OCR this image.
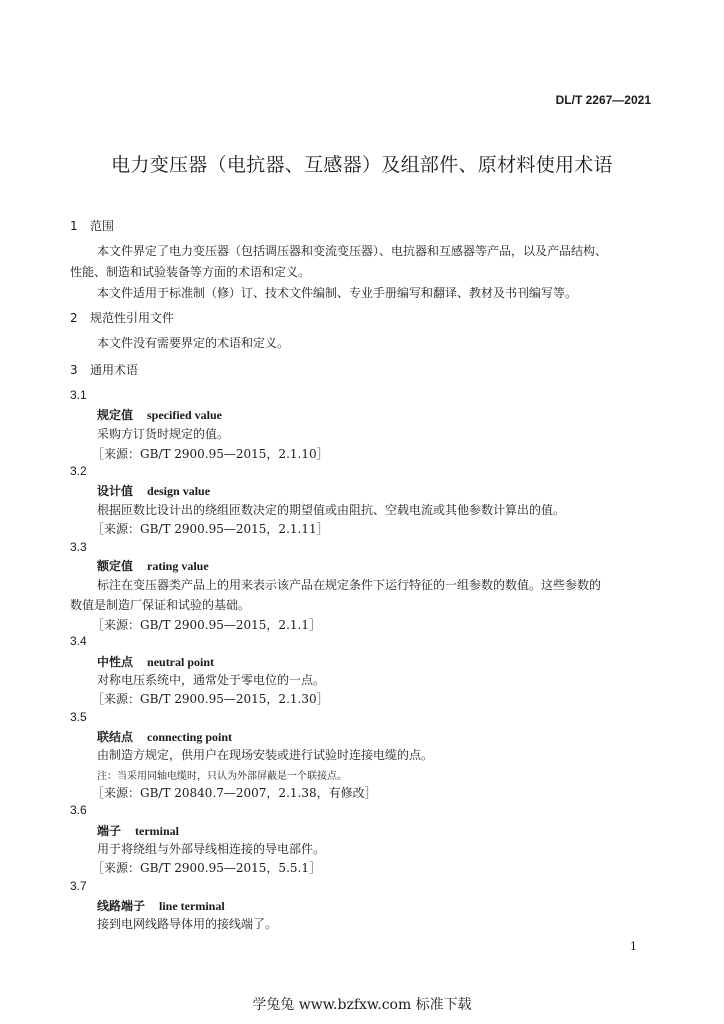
DL/T 2267—2021
电力变压器（电抗器、互感器）及组部件、原材料使用术语
1 范围
本文件界定了电力变压器（包括调压器和变流变压器）、电抗器和互感器等产品，以及产品结构、
性能、制造和试验装备等方面的术语和定义。
本文件适用于标准制（修）订、技术文件编制、专业手册编写和翻译、教材及书刊编写等。
2 规范性引用文件
本文件没有需要界定的术语和定义。
3 通用术语
3.1
规定值 specified value
采购方订货时规定的值。
［来源：GB/T 2900.95—2015，2.1.10］
3.2
设计值 design value
根据匝数比设计出的绕组匝数决定的期望值或由阻抗、空载电流或其他参数计算出的值。
［来源：GB/T 2900.95—2015，2.1.11］
3.3
额定值 rating value
标注在变压器类产品上的用来表示该产品在规定条件下运行特征的一组参数的数值。这些参数的
数值是制造厂保证和试验的基础。
［来源：GB/T 2900.95—2015，2.1.1］
3.4
中性点 neutral point
对称电压系统中，通常处于零电位的一点。
［来源：GB/T 2900.95—2015，2.1.30］
3.5
联结点 connecting point
由制造方规定，供用户在现场安装或进行试验时连接电缆的点。
注：当采用同轴电缆时，只认为外部屏蔽是一个联接点。
［来源：GB/T 20840.7—2007，2.1.38，有修改］
3.6
端子 terminal
用于将绕组与外部导线相连接的导电部件。
［来源：GB/T 2900.95—2015，5.5.1］
3.7
线路端子 line terminal
接到电网线路导体用的接线端了。
1
学兔兔 www.bzfxw.com 标准下载
